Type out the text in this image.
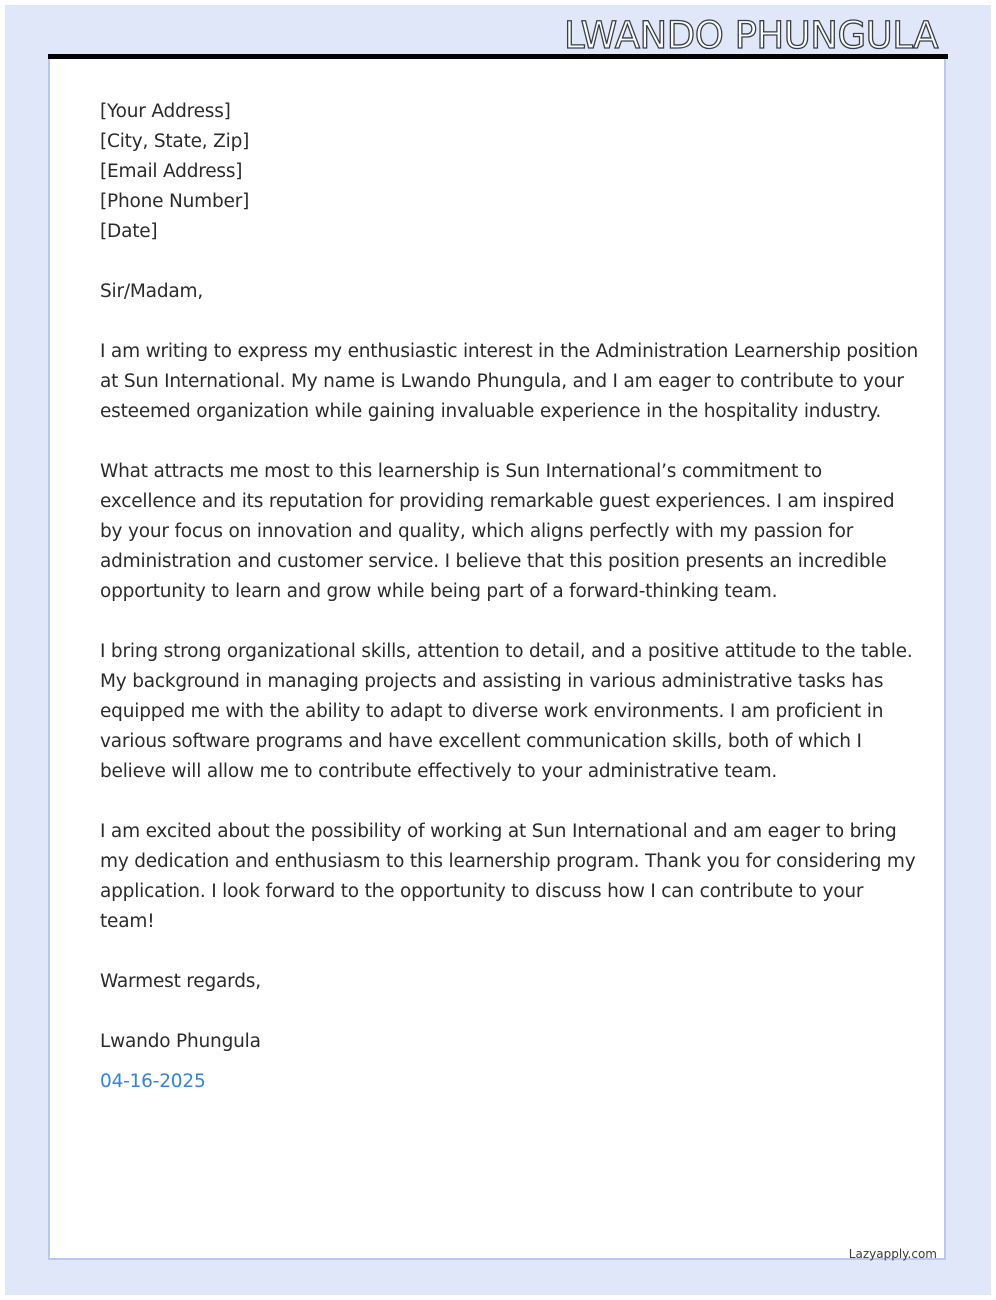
LWANDO PHUNGULA
[Your Address]
[City, State, Zip]
[Email Address]
[Phone Number]
[Date]
Sir/Madam,
I am writing to express my enthusiastic interest in the Administration Learnership position
at Sun International. My name is Lwando Phungula, and I am eager to contribute to your
esteemed organization while gaining invaluable experience in the hospitality industry.
What attracts me most to this learnership is Sun International’s commitment to
excellence and its reputation for providing remarkable guest experiences. I am inspired
by your focus on innovation and quality, which aligns perfectly with my passion for
administration and customer service. I believe that this position presents an incredible
opportunity to learn and grow while being part of a forward-thinking team.
I bring strong organizational skills, attention to detail, and a positive attitude to the table.
My background in managing projects and assisting in various administrative tasks has
equipped me with the ability to adapt to diverse work environments. I am proficient in
various software programs and have excellent communication skills, both of which I
believe will allow me to contribute effectively to your administrative team.
I am excited about the possibility of working at Sun International and am eager to bring
my dedication and enthusiasm to this learnership program. Thank you for considering my
application. I look forward to the opportunity to discuss how I can contribute to your
team!
Warmest regards,
Lwando Phungula
04-16-2025
Lazyapply.com
